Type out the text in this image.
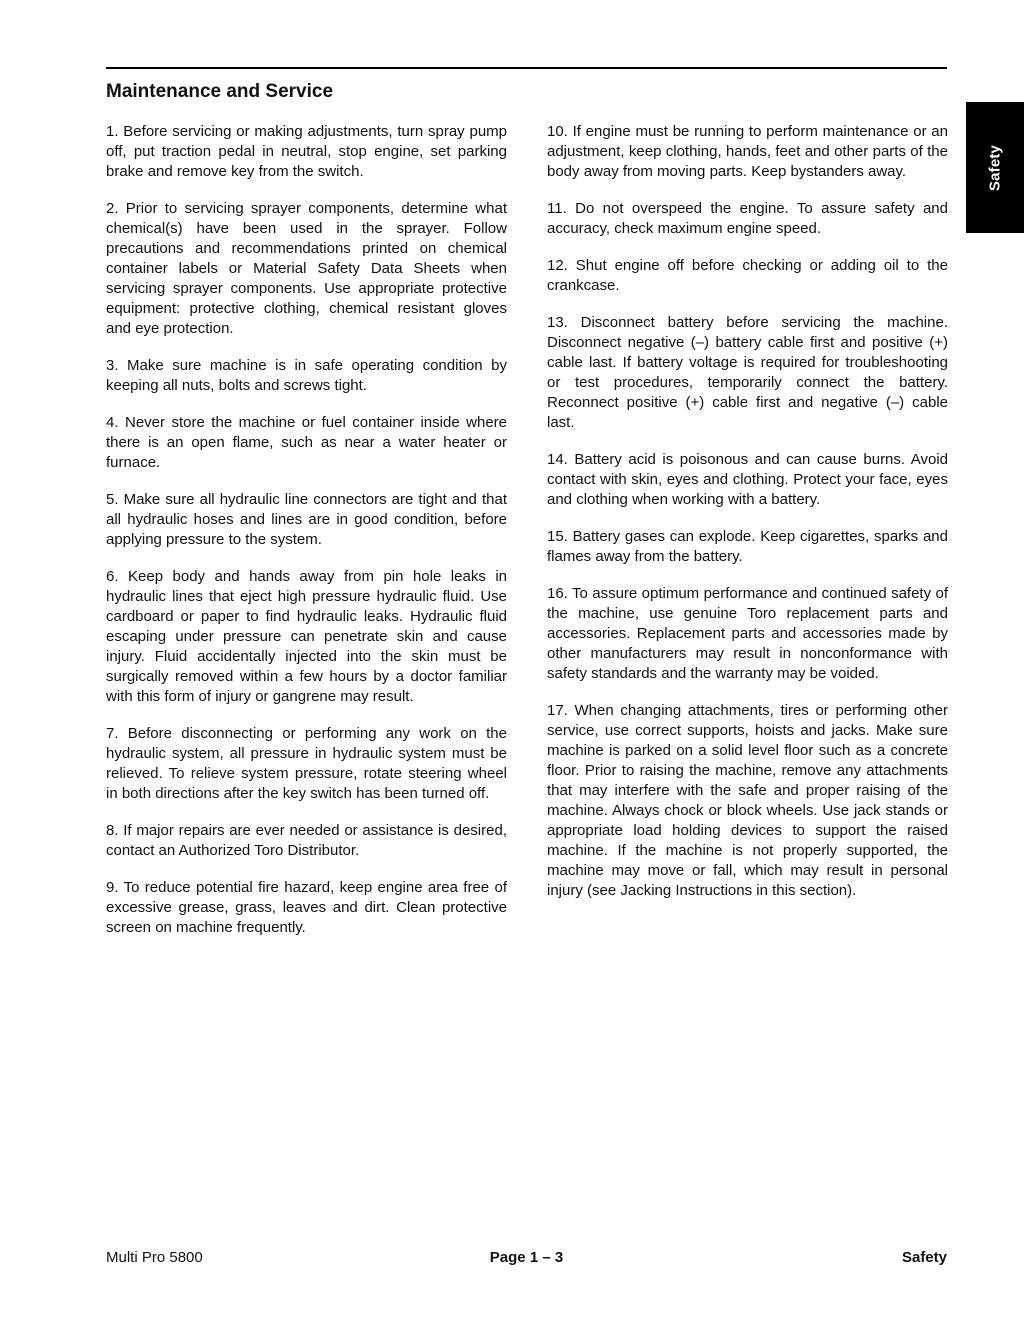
Maintenance and Service
Safety

1. Before servicing or making adjustments, turn spray pump off, put traction pedal in neutral, stop engine, set parking brake and remove key from the switch.

2. Prior to servicing sprayer components, determine what chemical(s) have been used in the sprayer. Follow precautions and recommendations printed on chemical container labels or Material Safety Data Sheets when servicing sprayer components. Use appropriate protective equipment: protective clothing, chemical resistant gloves and eye protection.

3. Make sure machine is in safe operating condition by keeping all nuts, bolts and screws tight.

4. Never store the machine or fuel container inside where there is an open flame, such as near a water heater or furnace.

5. Make sure all hydraulic line connectors are tight and that all hydraulic hoses and lines are in good condition, before applying pressure to the system.

6. Keep body and hands away from pin hole leaks in hydraulic lines that eject high pressure hydraulic fluid. Use cardboard or paper to find hydraulic leaks. Hydraulic fluid escaping under pressure can penetrate skin and cause injury. Fluid accidentally injected into the skin must be surgically removed within a few hours by a doctor familiar with this form of injury or gangrene may result.

7. Before disconnecting or performing any work on the hydraulic system, all pressure in hydraulic system must be relieved. To relieve system pressure, rotate steering wheel in both directions after the key switch has been turned off.

8. If major repairs are ever needed or assistance is desired, contact an Authorized Toro Distributor.

9. To reduce potential fire hazard, keep engine area free of excessive grease, grass, leaves and dirt. Clean protective screen on machine frequently.

10. If engine must be running to perform maintenance or an adjustment, keep clothing, hands, feet and other parts of the body away from moving parts. Keep bystanders away.

11. Do not overspeed the engine. To assure safety and accuracy, check maximum engine speed.

12. Shut engine off before checking or adding oil to the crankcase.

13. Disconnect battery before servicing the machine. Disconnect negative (–) battery cable first and positive (+) cable last. If battery voltage is required for troubleshooting or test procedures, temporarily connect the battery. Reconnect positive (+) cable first and negative (–) cable last.

14. Battery acid is poisonous and can cause burns. Avoid contact with skin, eyes and clothing. Protect your face, eyes and clothing when working with a battery.

15. Battery gases can explode. Keep cigarettes, sparks and flames away from the battery.

16. To assure optimum performance and continued safety of the machine, use genuine Toro replacement parts and accessories. Replacement parts and accessories made by other manufacturers may result in nonconformance with safety standards and the warranty may be voided.

17. When changing attachments, tires or performing other service, use correct supports, hoists and jacks. Make sure machine is parked on a solid level floor such as a concrete floor. Prior to raising the machine, remove any attachments that may interfere with the safe and proper raising of the machine. Always chock or block wheels. Use jack stands or appropriate load holding devices to support the raised machine. If the machine is not properly supported, the machine may move or fall, which may result in personal injury (see Jacking Instructions in this section).

Multi Pro 5800	Page 1 – 3	Safety
